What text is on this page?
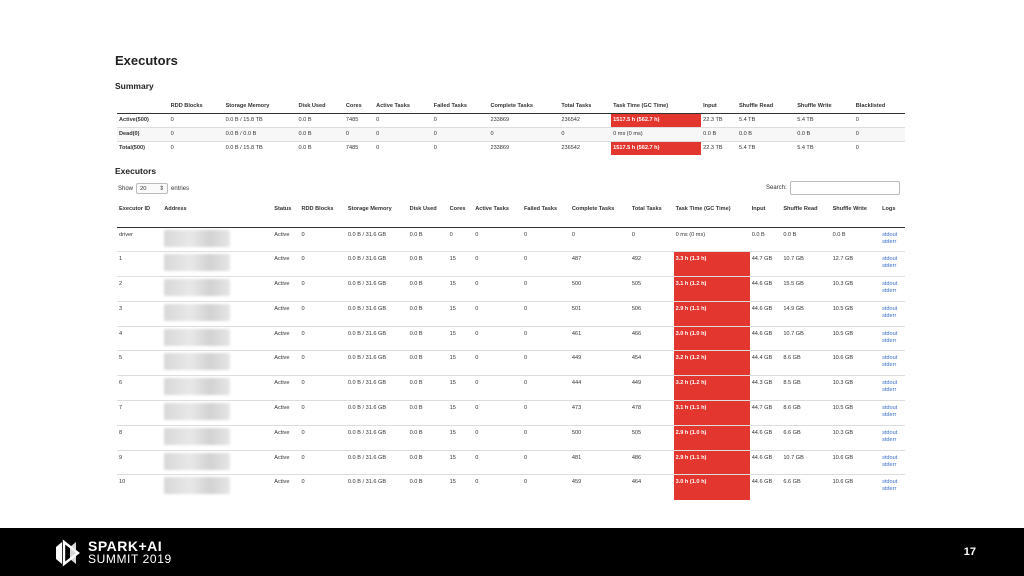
Executors
Summary
	RDD Blocks	Storage Memory	Disk Used	Cores	Active Tasks	Failed Tasks	Complete Tasks	Total Tasks	Task Time (GC Time)	Input	Shuffle Read	Shuffle Write	Blacklisted
Active(500)	0	0.0 B / 15.8 TB	0.0 B	7485	0	0	233869	236542	1517.5 h (562.7 h)	22.3 TB	5.4 TB	5.4 TB	0
Dead(0)	0	0.0 B / 0.0 B	0.0 B	0	0	0	0	0	0 ms (0 ms)	0.0 B	0.0 B	0.0 B	0
Total(500)	0	0.0 B / 15.8 TB	0.0 B	7485	0	0	233869	236542	1517.5 h (562.7 h)	22.3 TB	5.4 TB	5.4 TB	0
Executors
Show 20 ⇕ entries	Search:
Executor ID	Address	Status	RDD Blocks	Storage Memory	Disk Used	Cores	Active Tasks	Failed Tasks	Complete Tasks	Total Tasks	Task Time (GC Time)	Input	Shuffle Read	Shuffle Write	Logs
driver		Active	0	0.0 B / 31.6 GB	0.0 B	0	0	0	0	0	0 ms (0 ms)	0.0 B	0.0 B	0.0 B	stdout
stderr

1		Active	0	0.0 B / 31.6 GB	0.0 B	15	0	0	487	492	3.3 h (1.3 h)	44.7 GB	10.7 GB	12.7 GB	stdout
stderr

2		Active	0	0.0 B / 31.6 GB	0.0 B	15	0	0	500	505	3.1 h (1.2 h)	44.6 GB	15.5 GB	10.3 GB	stdout
stderr

3		Active	0	0.0 B / 31.6 GB	0.0 B	15	0	0	501	506	2.9 h (1.1 h)	44.6 GB	14.9 GB	10.5 GB	stdout
stderr

4		Active	0	0.0 B / 31.6 GB	0.0 B	15	0	0	461	466	3.0 h (1.0 h)	44.6 GB	10.7 GB	10.5 GB	stdout
stderr

5		Active	0	0.0 B / 31.6 GB	0.0 B	15	0	0	449	454	3.2 h (1.2 h)	44.4 GB	8.6 GB	10.6 GB	stdout
stderr

6		Active	0	0.0 B / 31.6 GB	0.0 B	15	0	0	444	449	3.2 h (1.2 h)	44.3 GB	8.5 GB	10.3 GB	stdout
stderr

7		Active	0	0.0 B / 31.6 GB	0.0 B	15	0	0	473	478	3.1 h (1.1 h)	44.7 GB	8.6 GB	10.5 GB	stdout
stderr

8		Active	0	0.0 B / 31.6 GB	0.0 B	15	0	0	500	505	2.9 h (1.0 h)	44.6 GB	6.6 GB	10.3 GB	stdout
stderr

9		Active	0	0.0 B / 31.6 GB	0.0 B	15	0	0	481	486	2.9 h (1.1 h)	44.6 GB	10.7 GB	10.6 GB	stdout
stderr

10		Active	0	0.0 B / 31.6 GB	0.0 B	15	0	0	459	464	3.0 h (1.0 h)	44.6 GB	6.6 GB	10.6 GB	stdout
stderr
SPARK+AI
SUMMIT 2019	17
